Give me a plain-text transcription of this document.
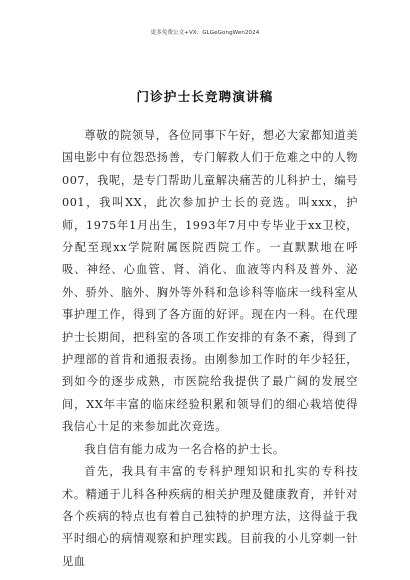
更多免费公文+VX：GLGeGongWen2024
门诊护士长竞聘演讲稿

尊敬的院领导，各位同事下午好，想必大家都知道美国电影中有位怨恐扬善，专门解救人们于危难之中的人物007，我呢，是专门帮助儿童解决痛苦的儿科护士，编号001，我叫XX，此次参加护士长的竞选。叫xxx，护师，1975年1月出生，1993年7月中专毕业于xx卫校，分配至现xx学院附属医院西院工作。一直默默地在呼吸、神经、心血管、肾、消化、血液等内科及普外、泌外、骄外、脑外、胸外等外科和急诊科等临床一线科室从事护理工作，得到了各方面的好评。现在内一科。在代理护士长期间，把科室的各项工作安排的有条不紊，得到了护理部的首肯和通报表扬。由刚参加工作时的年少轻狂，到如今的逐步成熟，市医院给我提供了最广阔的发展空间，XX年丰富的临床经验积累和领导们的细心栽培使得我信心十足的来参加此次竞选。

我自信有能力成为一名合格的护士长。

首先，我具有丰富的专科护理知识和扎实的专科技术。精通于儿科各种疾病的相关护理及健康教育，并针对各个疾病的特点也有着自己独特的护理方法，这得益于我平时细心的病情观察和护理实践。目前我的小儿穿刺一针见血
